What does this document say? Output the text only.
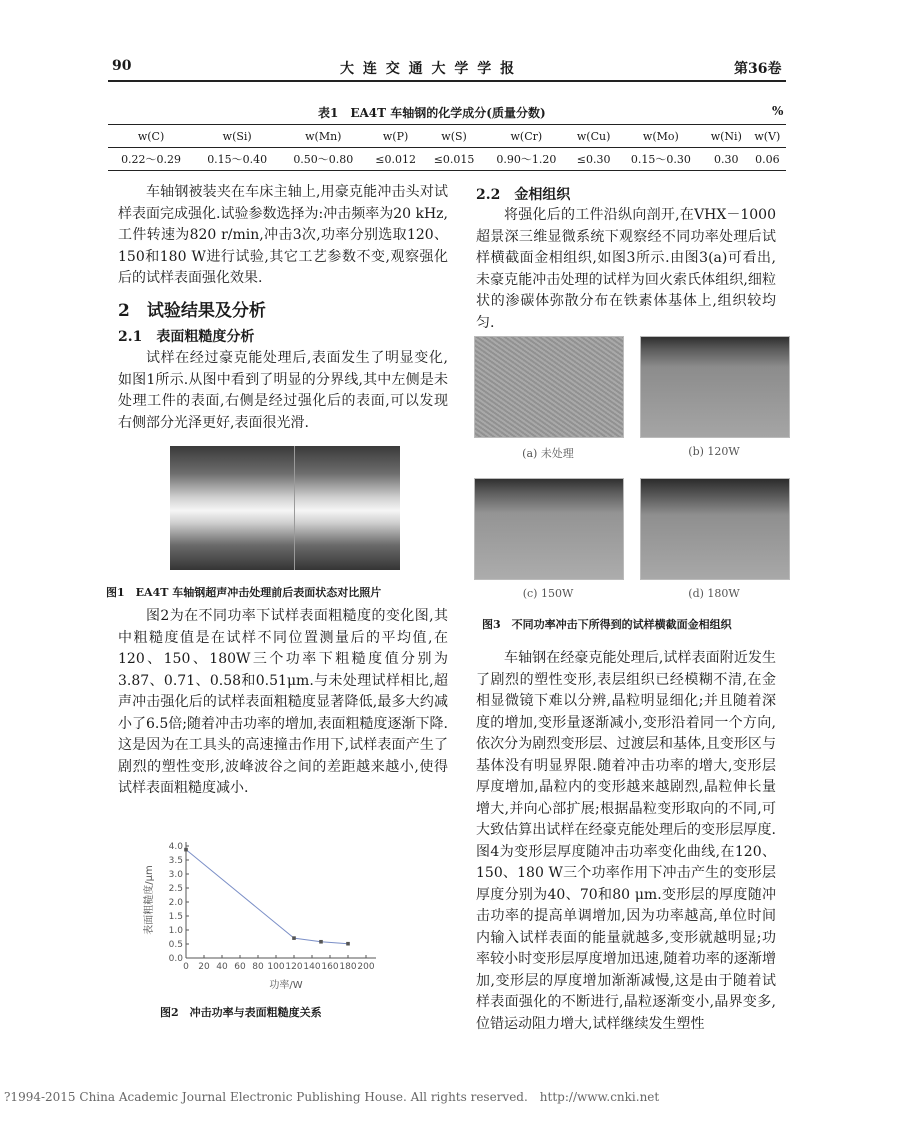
90	大 连 交 通 大 学 学 报	第36卷
表1　EA4T 车轴钢的化学成分(质量分数)	%
w(C)	w(Si)	w(Mn)	w(P)	w(S)	w(Cr)	w(Cu)	w(Mo)	w(Ni)	w(V)
0.22～0.29	0.15～0.40	0.50～0.80	≤0.012	≤0.015	0.90～1.20	≤0.30	0.15～0.30	0.30	0.06

车轴钢被装夹在车床主轴上,用豪克能冲击头对试样表面完成强化.试验参数选择为:冲击频率为20 kHz,工件转速为820 r/min,冲击3次,功率分别选取120、150和180 W进行试验,其它工艺参数不变,观察强化后的试样表面强化效果.

2　试验结果及分析
2.1　表面粗糙度分析

试样在经过豪克能处理后,表面发生了明显变化,如图1所示.从图中看到了明显的分界线,其中左侧是未处理工件的表面,右侧是经过强化后的表面,可以发现右侧部分光泽更好,表面很光滑.

图1　EA4T 车轴钢超声冲击处理前后表面状态对比照片

图2为在不同功率下试样表面粗糙度的变化图,其中粗糙度值是在试样不同位置测量后的平均值,在120、150、180W三个功率下粗糙度值分别为3.87、0.71、0.58和0.51μm.与未处理试样相比,超声冲击强化后的试样表面粗糙度显著降低,最多大约减小了6.5倍;随着冲击功率的增加,表面粗糙度逐渐下降.这是因为在工具头的高速撞击作用下,试样表面产生了剧烈的塑性变形,波峰波谷之间的差距越来越小,使得试样表面粗糙度减小.

0.0
0.5
1.0
1.5
2.0
2.5
3.0
3.5
4.0
0 20 40 60 80 100 120 140 160 180 200
功率/W
表面粗糙度/μm
图2　冲击功率与表面粗糙度关系
2.2　金相组织

将强化后的工件沿纵向剖开,在VHX－1000超景深三维显微系统下观察经不同功率处理后试样横截面金相组织,如图3所示.由图3(a)可看出,未豪克能冲击处理的试样为回火索氏体组织,细粒状的渗碳体弥散分布在铁素体基体上,组织较均匀.

(a) 未处理	(b) 120W
(c) 150W	(d) 180W
图3　不同功率冲击下所得到的试样横截面金相组织

车轴钢在经豪克能处理后,试样表面附近发生了剧烈的塑性变形,表层组织已经模糊不清,在金相显微镜下难以分辨,晶粒明显细化;并且随着深度的增加,变形量逐渐减小,变形沿着同一个方向,依次分为剧烈变形层、过渡层和基体,且变形区与基体没有明显界限.随着冲击功率的增大,变形层厚度增加,晶粒内的变形越来越剧烈,晶粒伸长量增大,并向心部扩展;根据晶粒变形取向的不同,可大致估算出试样在经豪克能处理后的变形层厚度.图4为变形层厚度随冲击功率变化曲线,在120、150、180 W三个功率作用下冲击产生的变形层厚度分别为40、70和80 μm.变形层的厚度随冲击功率的提高单调增加,因为功率越高,单位时间内输入试样表面的能量就越多,变形就越明显;功率较小时变形层厚度增加迅速,随着功率的逐渐增加,变形层的厚度增加渐渐减慢,这是由于随着试样表面强化的不断进行,晶粒逐渐变小,晶界变多,位错运动阻力增大,试样继续发生塑性

?1994-2015 China Academic Journal Electronic Publishing House. All rights reserved.　http://www.cnki.net
